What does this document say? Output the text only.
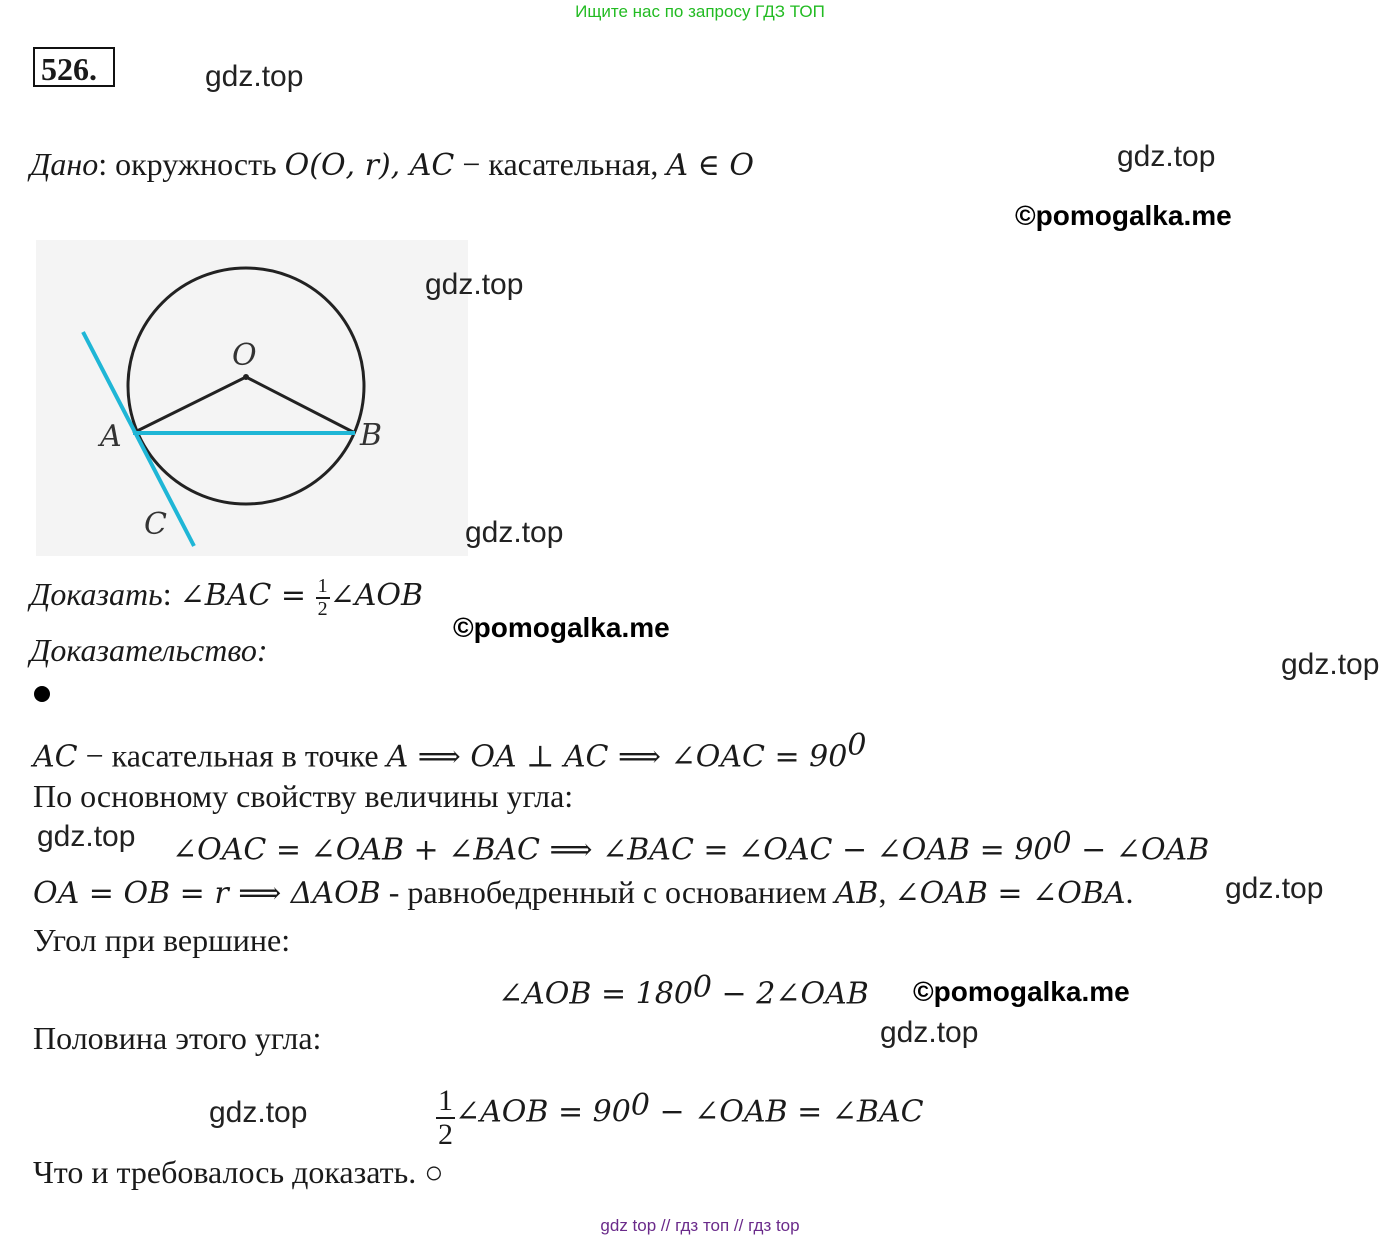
Ищите нас по запросу ГДЗ ТОП
526.	gdz.top
Дано: окружность 𝑂(𝑂, 𝑟), 𝐴𝐶 − касательная, 𝐴 ∈ 𝑂	gdz.top
©pomogalka.me
O
A	B
C
gdz.top
gdz.top
Доказать: ∠𝐵𝐴𝐶 = $\frac{1}{2}$ ∠𝐴𝑂𝐵
©pomogalka.me
Доказательство:	gdz.top
𝐴𝐶 − касательная в точке 𝐴 ⟹ 𝑂𝐴 ⊥ 𝐴𝐶 ⟹ ∠𝑂𝐴𝐶 = $90^0$
По основному свойству величины угла:
gdz.top ∠𝑂𝐴𝐶 = ∠𝑂𝐴𝐵 + ∠𝐵𝐴𝐶 ⟹ ∠𝐵𝐴𝐶 = ∠𝑂𝐴𝐶 − ∠𝑂𝐴𝐵 = $90^0$ − ∠𝑂𝐴𝐵
𝑂𝐴 = 𝑂𝐵 = 𝑟 ⟹ Δ𝐴𝑂𝐵 - равнобедренный с основанием 𝐴𝐵, ∠𝑂𝐴𝐵 = ∠𝑂𝐵𝐴.	gdz.top
Угол при вершине:
∠𝐴𝑂𝐵 = $180^0$ − 2∠𝑂𝐴𝐵 ©pomogalka.me
Половина этого угла:	gdz.top
gdz.top	$\frac{1}{2}$ ∠𝐴𝑂𝐵 = $90^0$ − ∠𝑂𝐴𝐵 = ∠𝐵𝐴𝐶
Что и требовалось доказать. ○
gdz top // гдз топ // гдз top
